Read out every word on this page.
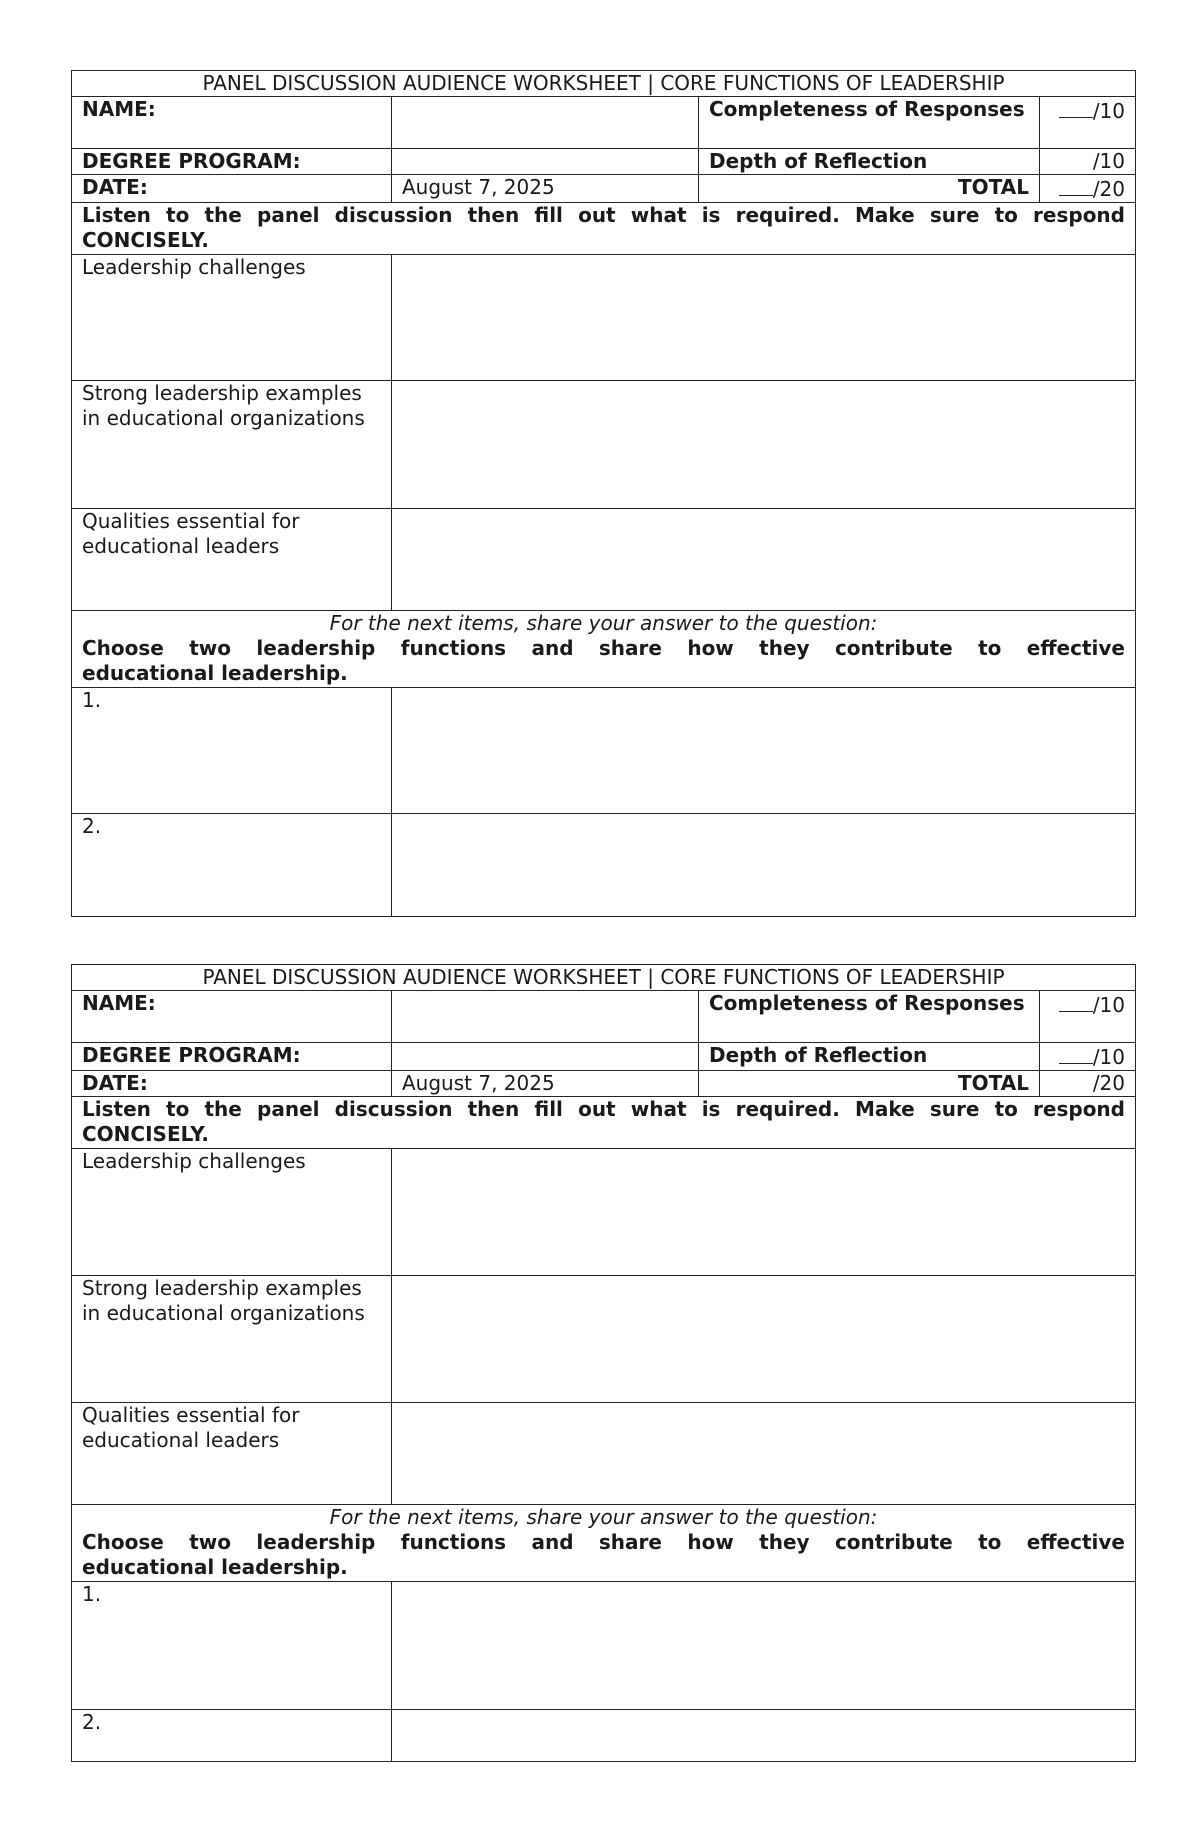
PANEL DISCUSSION AUDIENCE WORKSHEET | CORE FUNCTIONS OF LEADERSHIP			
NAME:		Completeness of Responses	/10
DEGREE PROGRAM:		Depth of Reflection	/10
DATE:	August 7, 2025	TOTAL	/20

Listen to the panel discussion then fill out what is required. Make sure to respond
CONCISELY.			

Leadership challenges			
Strong leadership examples in educational organizations			
Qualities essential for educational leaders			

For the next items, share your answer to the question:
Choose two leadership functions and share how they contribute to effective
educational leadership.			

1.			
2.			
PANEL DISCUSSION AUDIENCE WORKSHEET | CORE FUNCTIONS OF LEADERSHIP			
NAME:		Completeness of Responses	/10
DEGREE PROGRAM:		Depth of Reflection	/10
DATE:	August 7, 2025	TOTAL	/20

Listen to the panel discussion then fill out what is required. Make sure to respond
CONCISELY.			

Leadership challenges			
Strong leadership examples in educational organizations			
Qualities essential for educational leaders			

For the next items, share your answer to the question:
Choose two leadership functions and share how they contribute to effective
educational leadership.			

1.			
2.			
